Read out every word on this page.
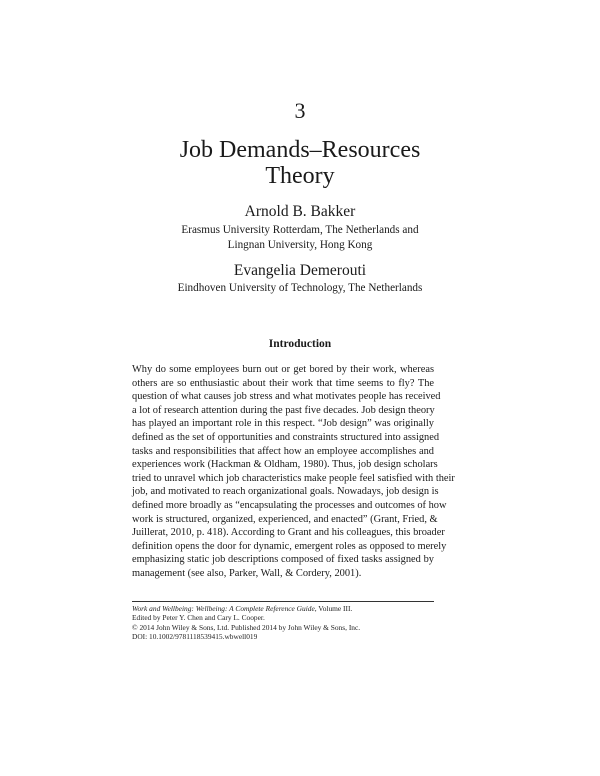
3
Job Demands–Resources
Theory
Arnold B. Bakker
Erasmus University Rotterdam, The Netherlands and
Lingnan University, Hong Kong
Evangelia Demerouti
Eindhoven University of Technology, The Netherlands
Introduction
Why do some employees burn out or get bored by their work, whereas
others are so enthusiastic about their work that time seems to fly? The
question of what causes job stress and what motivates people has received
a lot of research attention during the past five decades. Job design theory
has played an important role in this respect. “Job design” was originally
defined as the set of opportunities and constraints structured into assigned
tasks and responsibilities that affect how an employee accomplishes and
experiences work (Hackman & Oldham, 1980). Thus, job design scholars
tried to unravel which job characteristics make people feel satisfied with their
job, and motivated to reach organizational goals. Nowadays, job design is
defined more broadly as “encapsulating the processes and outcomes of how
work is structured, organized, experienced, and enacted” (Grant, Fried, &
Juillerat, 2010, p. 418). According to Grant and his colleagues, this broader
definition opens the door for dynamic, emergent roles as opposed to merely
emphasizing static job descriptions composed of fixed tasks assigned by
management (see also, Parker, Wall, & Cordery, 2001).
Work and Wellbeing: Wellbeing: A Complete Reference Guide, Volume III.
Edited by Peter Y. Chen and Cary L. Cooper.
© 2014 John Wiley & Sons, Ltd. Published 2014 by John Wiley & Sons, Inc.
DOI: 10.1002/9781118539415.wbwell019
